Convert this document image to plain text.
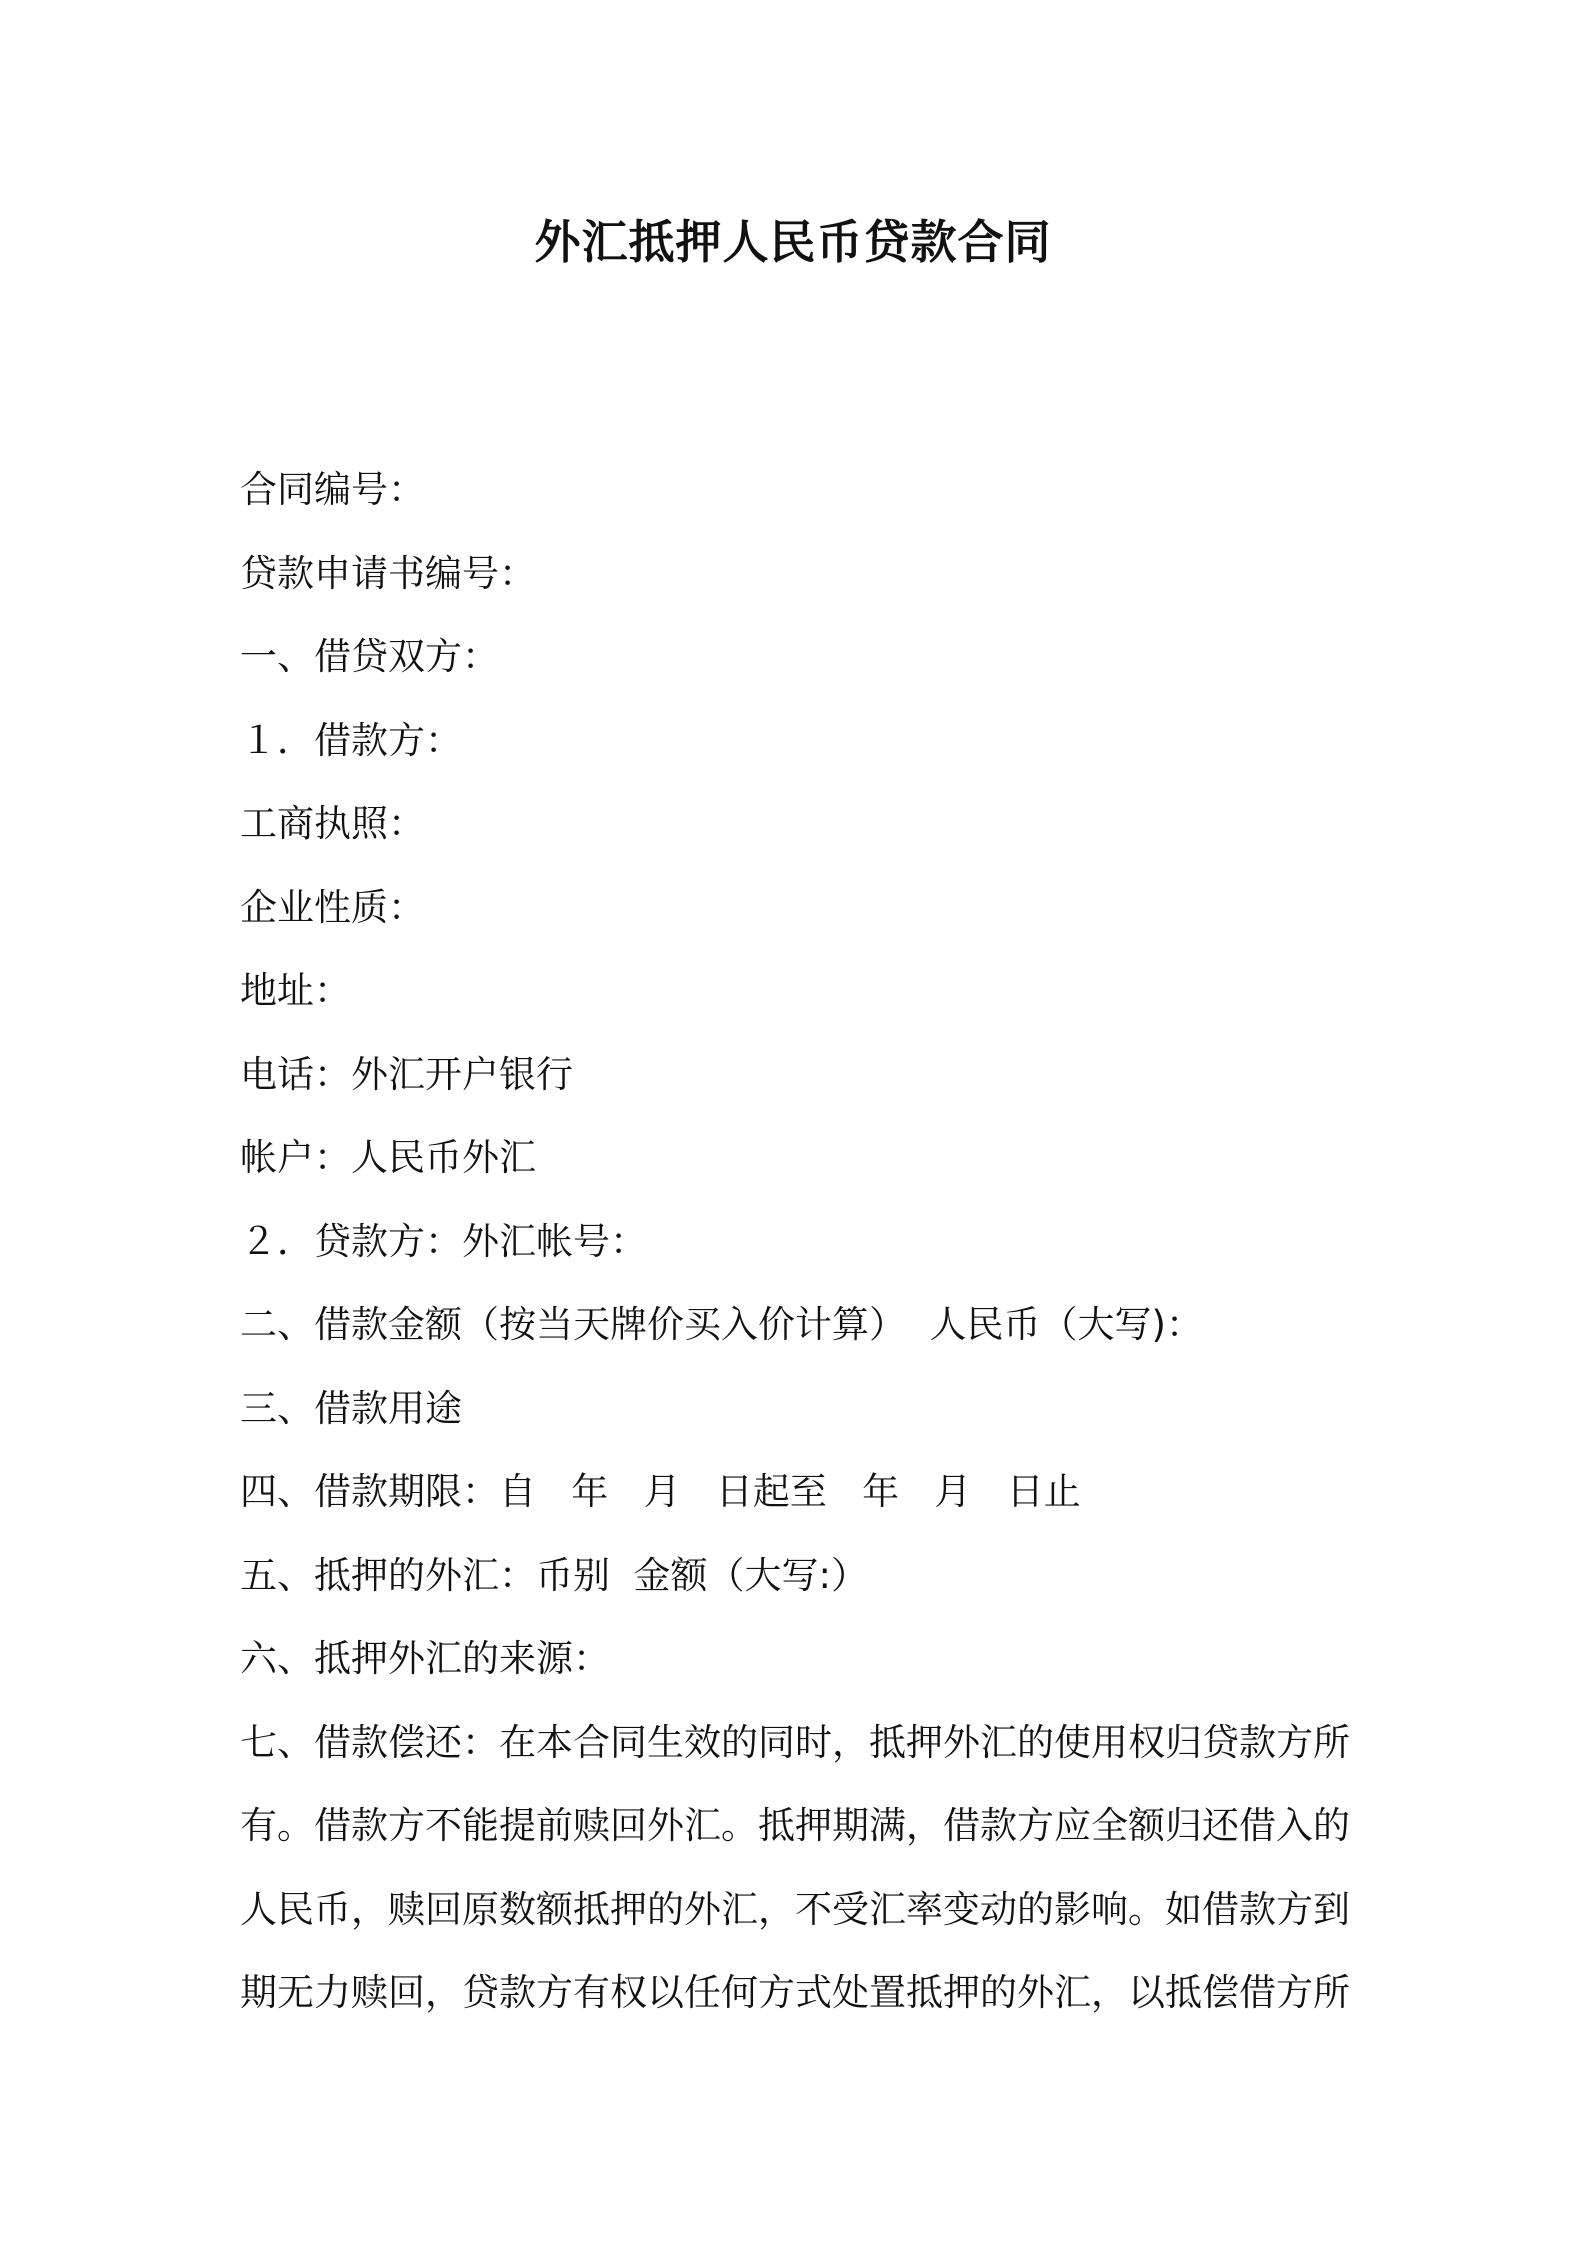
外汇抵押人民币贷款合同

合同编号：

贷款申请书编号：

一、借贷双方：

１．借款方：

工商执照：

企业性质：

地址：

电话：外汇开户银行

帐户：人民币外汇

２．贷款方：外汇帐号：

二、借款金额（按当天牌价买入价计算）  人民币（大写)：

三、借款用途

四、借款期限：自   年   月   日起至   年   月   日止

五、抵押的外汇：币别  金额（大写:）

六、抵押外汇的来源：

七、借款偿还：在本合同生效的同时，抵押外汇的使用权归贷款方所

有。借款方不能提前赎回外汇。抵押期满，借款方应全额归还借入的

人民币，赎回原数额抵押的外汇，不受汇率变动的影响。如借款方到

期无力赎回，贷款方有权以任何方式处置抵押的外汇，以抵偿借方所
